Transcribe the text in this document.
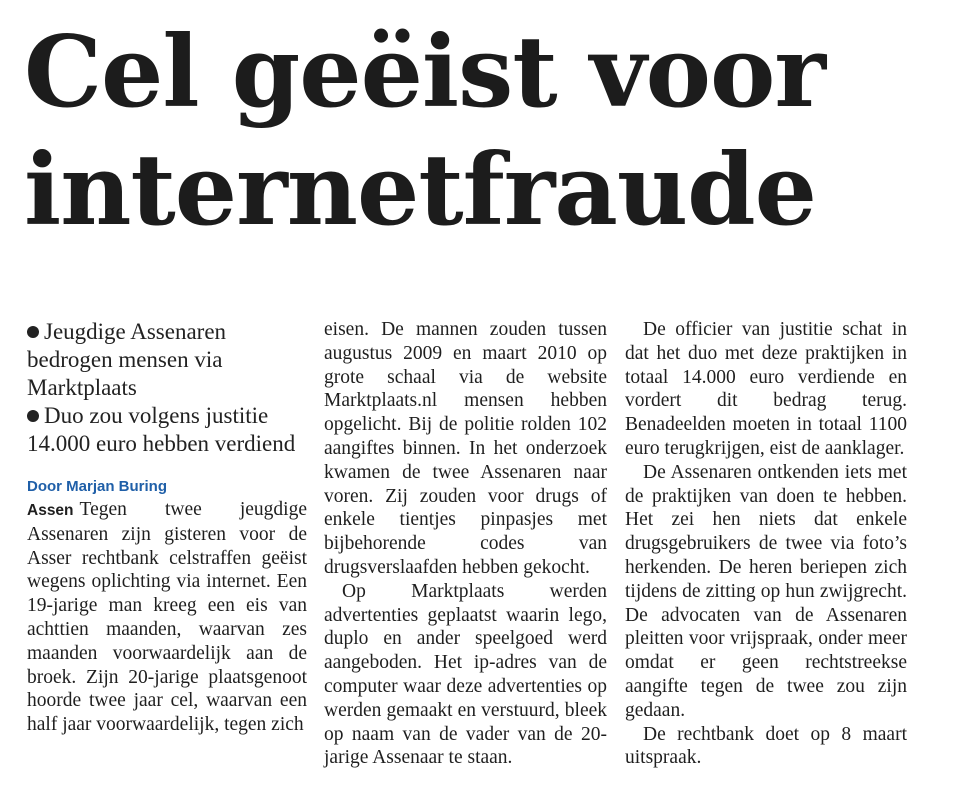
Cel geëist voor
internetfraude
Jeugdige Assenaren bedrogen mensen via Marktplaats
Duo zou volgens justitie 14.000 euro hebben verdiend

Door Marjan Buring

Assen Tegen twee jeugdige Assenaren zijn gisteren voor de Asser rechtbank celstraffen geëist wegens oplichting via internet. Een 19-jarige man kreeg een eis van achttien maanden, waarvan zes maanden voorwaardelijk aan de broek. Zijn 20-jarige plaatsgenoot hoorde twee jaar cel, waarvan een half jaar voorwaardelijk, tegen zich

eisen. De mannen zouden tussen augustus 2009 en maart 2010 op grote schaal via de website Marktplaats.nl mensen hebben opgelicht. Bij de politie rolden 102 aangiftes binnen. In het onderzoek kwamen de twee Assenaren naar voren. Zij zouden voor drugs of enkele tientjes pinpasjes met bijbehorende codes van drugsverslaafden hebben gekocht.

Op Marktplaats werden advertenties geplaatst waarin lego, duplo en ander speelgoed werd aangeboden. Het ip-adres van de computer waar deze advertenties op werden gemaakt en verstuurd, bleek op naam van de vader van de 20-jarige Assenaar te staan.

De officier van justitie schat in dat het duo met deze praktijken in totaal 14.000 euro verdiende en vordert dit bedrag terug. Benadeelden moeten in totaal 1100 euro terugkrijgen, eist de aanklager.

De Assenaren ontkenden iets met de praktijken van doen te hebben. Het zei hen niets dat enkele drugsgebruikers de twee via foto’s herkenden. De heren beriepen zich tijdens de zitting op hun zwijgrecht. De advocaten van de Assenaren pleitten voor vrijspraak, onder meer omdat er geen rechtstreekse aangifte tegen de twee zou zijn gedaan.

De rechtbank doet op 8 maart uitspraak.
